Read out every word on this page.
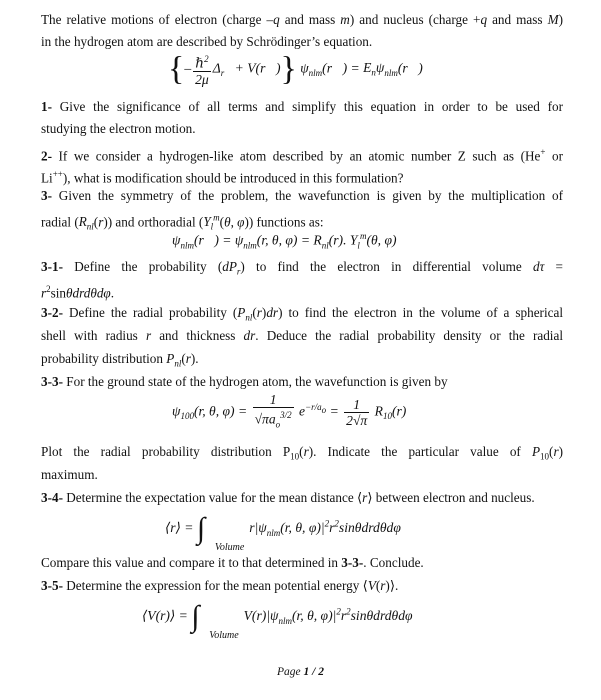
The relative motions of electron (charge –q and mass m) and nucleus (charge +q and mass M)

in the hydrogen atom are described by Schrödinger’s equation.

{– $\frac{\hbar^2}{2\mu} \Delta_{r⃗}$ + V(r⃗)} $\psi_{nlm}(r⃗)$ = $E_n\psi_{nlm}(r⃗)$

1- Give the significance of all terms and simplify this equation in order to be used for

studying the electron motion.

2- If we consider a hydrogen-like atom described by an atomic number Z such as (He+ or

Li++), what is modification should be introduced in this formulation?

3- Given the symmetry of the problem, the wavefunction is given by the multiplication of

radial $(R_{nl}(r))$ and orthoradial ($Y_l^m(\theta$, φ)) functions as:

$\psi_{nlm}(r⃗) = \psi_{nlm}(r$, θ, $\varphi) = R_{nl}(r)$. $Y_l^m(\theta$, φ)

3-1- Define the probability $(dP_r)$ to find the electron in differential volume dτ =

$r^2\sin\theta drd\theta d\varphi$.

3-2- Define the radial probability $(P_{nl}(r)dr)$ to find the electron in the volume of a spherical

shell with radius r and thickness dr. Deduce the radial probability density or the radial

probability distribution $P_{nl}(r)$.

3-3- For the ground state of the hydrogen atom, the wavefunction is given by

$\psi_{100}(r$, θ, $\varphi) = \frac{1}{√\pi a_o^{3/2}} e^{-r/a_o} = \frac{1}{2√\pi} R_{10}(r)$

Plot the radial probability distribution $P_{10}(r)$. Indicate the particular value of $P_{10}(r)$

maximum.

3-4- Determine the expectation value for the mean distance ⟨r⟩ between electron and nucleus.

⟨r⟩ = ∫
Volume
$r|\psi_{nlm}(r$, θ, $\varphi)|^2r^2\sin\theta drd\theta d\varphi$

Compare this value and compare it to that determined in 3-3-. Conclude.

3-5- Determine the expression for the mean potential energy ⟨V(r)⟩.

⟨V(r)⟩ = ∫
Volume
$V(r)|\psi_{nlm}(r$, θ, $\varphi)|^2r^2\sin\theta drd\theta d\varphi$
Page 1 / 2
